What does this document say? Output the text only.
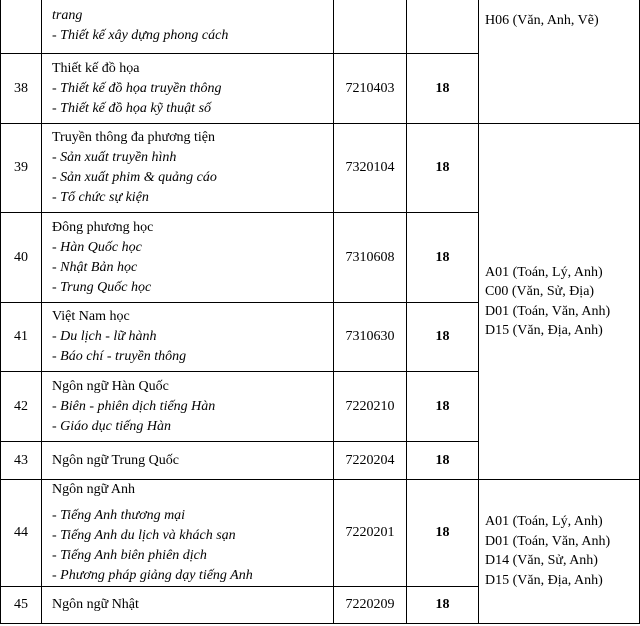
	trang
- Thiết kế xây dựng phong cách			H06 (Văn, Anh, Vẽ)

38	Thiết kế đồ họa
- Thiết kế đồ họa truyền thông
- Thiết kế đồ họa kỹ thuật số	7210403	18	
39	Truyền thông đa phương tiện
- Sản xuất truyền hình
- Sản xuất phim & quảng cáo
- Tổ chức sự kiện	7320104	18	A01 (Toán, Lý, Anh)
C00 (Văn, Sử, Địa)
D01 (Toán, Văn, Anh)
D15 (Văn, Địa, Anh)

40	Đông phương học
- Hàn Quốc học
- Nhật Bản học
- Trung Quốc học	7310608	18	
41	Việt Nam học
- Du lịch - lữ hành
- Báo chí - truyền thông	7310630	18	
42	Ngôn ngữ Hàn Quốc
- Biên - phiên dịch tiếng Hàn
- Giáo dục tiếng Hàn	7220210	18	
43	Ngôn ngữ Trung Quốc	7220204	18	
44	Ngôn ngữ Anh
- Tiếng Anh thương mại
- Tiếng Anh du lịch và khách sạn
- Tiếng Anh biên phiên dịch
- Phương pháp giảng dạy tiếng Anh	7220201	18	A01 (Toán, Lý, Anh)
D01 (Toán, Văn, Anh)
D14 (Văn, Sử, Anh)
D15 (Văn, Địa, Anh)

45	Ngôn ngữ Nhật	7220209	18	
